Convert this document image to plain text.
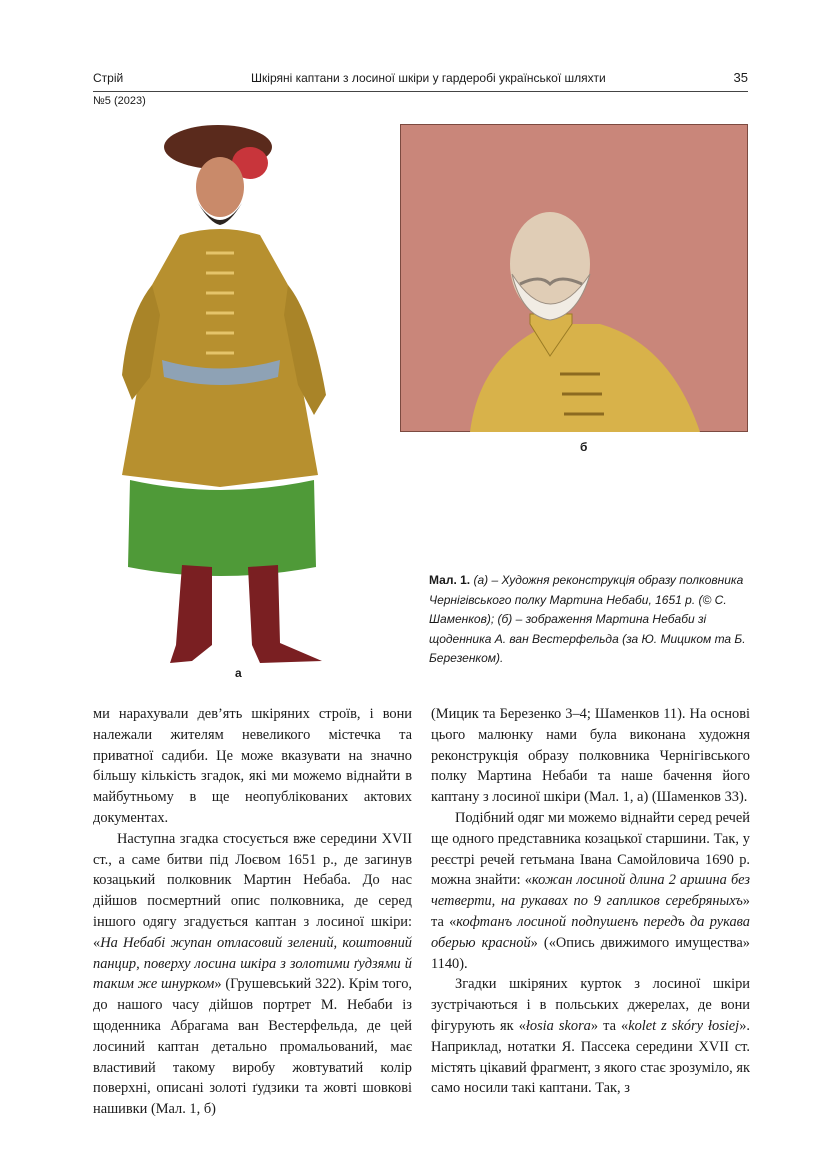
Стрій	Шкіряні каптани з лосиної шкіри у гардеробі української шляхти	35
№5 (2023)
а
б
Мал. 1. (а) – Художня реконструкція образу полковника Чернігівського полку Мартина Небаби, 1651 р. (© С. Шаменков); (б) – зображення Мартина Небаби зі щоденника А. ван Вестерфельда (за Ю. Мициком та Б. Березенком).

ми нарахували дев’ять шкіряних строїв, і вони належали жителям невеликого містечка та приватної садиби. Це може вказувати на значно більшу кількість згадок, які ми можемо віднайти в майбутньому в ще неопублікованих актових документах.

Наступна згадка стосується вже середини XVII ст., а саме битви під Лоєвом 1651 р., де загинув козацький полковник Мартин Небаба. До нас дійшов посмертний опис полковника, де серед іншого одягу згадується каптан з лосиної шкіри: «На Небабі жупан отласовий зелений, коштовний панцир, поверху лосина шкіра з золотими ґудзями й таким же шнурком» (Грушевський 322). Крім того, до нашого часу дійшов портрет М. Небаби із щоденника Абрагама ван Вестерфельда, де цей лосиний каптан детально промальований, має властивий такому виробу жовтуватий колір поверхні, описані золоті ґудзики та жовті шовкові нашивки (Мал. 1, б)

(Мицик та Березенко 3–4; Шаменков 11). На основі цього малюнку нами була виконана художня реконструкція образу полковника Чернігівського полку Мартина Небаби та наше бачення його каптану з лосиної шкіри (Мал. 1, а) (Шаменков 33).

Подібний одяг ми можемо віднайти серед речей ще одного представника козацької старшини. Так, у реєстрі речей гетьмана Івана Самойловича 1690 р. можна знайти: «кожан лосиной длина 2 аршина без четверти, на рукавах по 9 гапликов серебряныхъ» та «кофтанъ лосиной подпушенъ передъ да рукава оберью красной» («Опись движимого имущества» 1140).

Згадки шкіряних курток з лосиної шкіри зустрічаються і в польських джерелах, де вони фігурують як «łosia skora» та «kolet z skóry łosiej». Наприклад, нотатки Я. Пассека середини XVII ст. містять цікавий фрагмент, з якого стає зрозуміло, як само носили такі каптани. Так, з
